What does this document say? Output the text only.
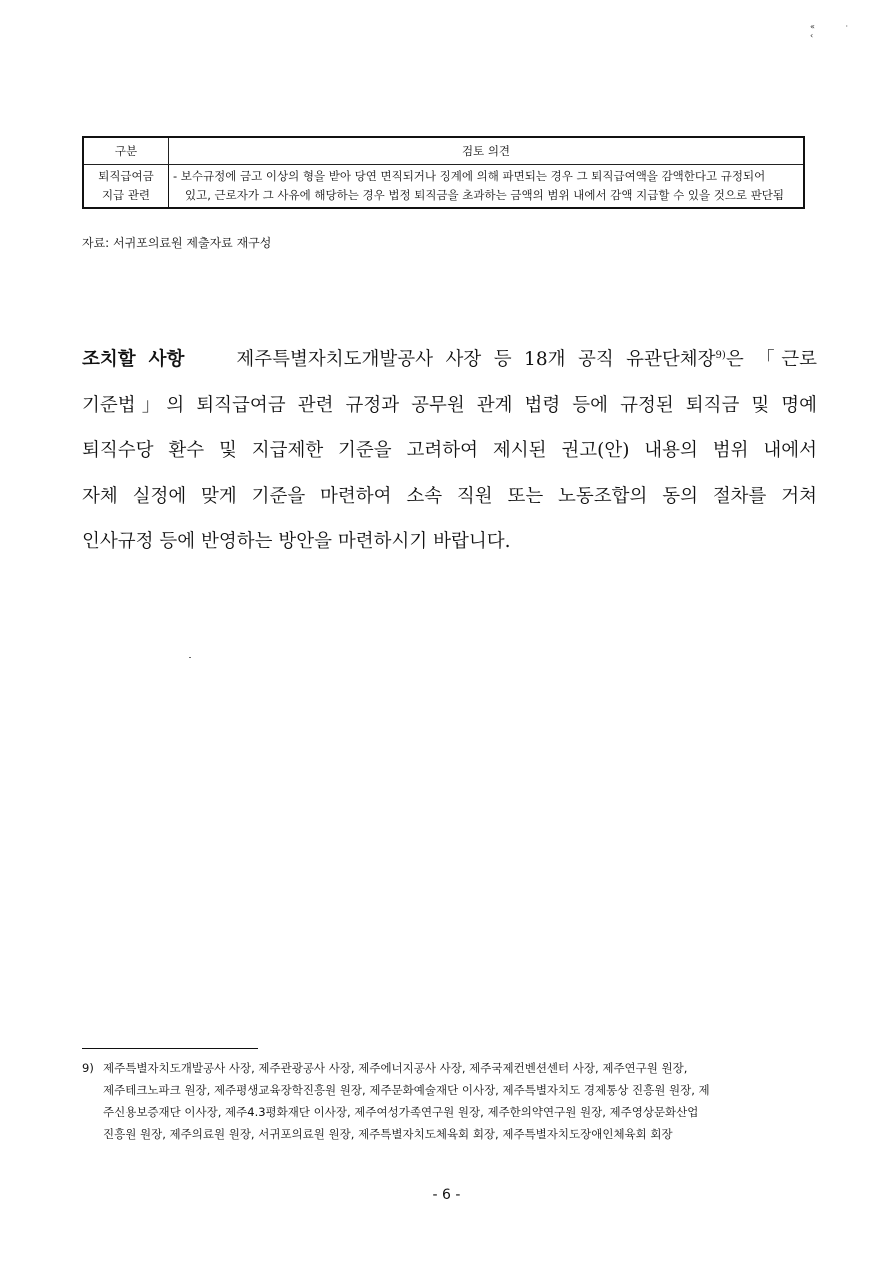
« · ‹
구분	검토 의견
퇴직급여금
지급 관련	- 보수규정에 금고 이상의 형을 받아 당연 면직되거나 징계에 의해 파면되는 경우 그 퇴직급여액을 감액한다고 규정되어
있고, 근로자가 그 사유에 해당하는 경우 법정 퇴직금을 초과하는 금액의 범위 내에서 감액 지급할 수 있을 것으로 판단됨
자료: 서귀포의료원 제출자료 재구성
조치할 사항	제주특별자치도개발공사 사장 등 18개 공직 유관단체장$^{9)}$은 「근로
기준법」의 퇴직급여금 관련 규정과 공무원 관계 법령 등에 규정된 퇴직금 및 명예
퇴직수당 환수 및 지급제한 기준을 고려하여 제시된 권고(안) 내용의 범위 내에서
자체 실정에 맞게 기준을 마련하여 소속 직원 또는 노동조합의 동의 절차를 거쳐
인사규정 등에 반영하는 방안을 마련하시기 바랍니다.
9) 제주특별자치도개발공사 사장, 제주관광공사 사장, 제주에너지공사 사장, 제주국제컨벤션센터 사장, 제주연구원 원장,
제주테크노파크 원장, 제주평생교육장학진흥원 원장, 제주문화예술재단 이사장, 제주특별자치도 경제통상 진흥원 원장, 제
주신용보증재단 이사장, 제주4.3평화재단 이사장, 제주여성가족연구원 원장, 제주한의약연구원 원장, 제주영상문화산업
진흥원 원장, 제주의료원 원장, 서귀포의료원 원장, 제주특별자치도체육회 회장, 제주특별자치도장애인체육회 회장
- 6 -
